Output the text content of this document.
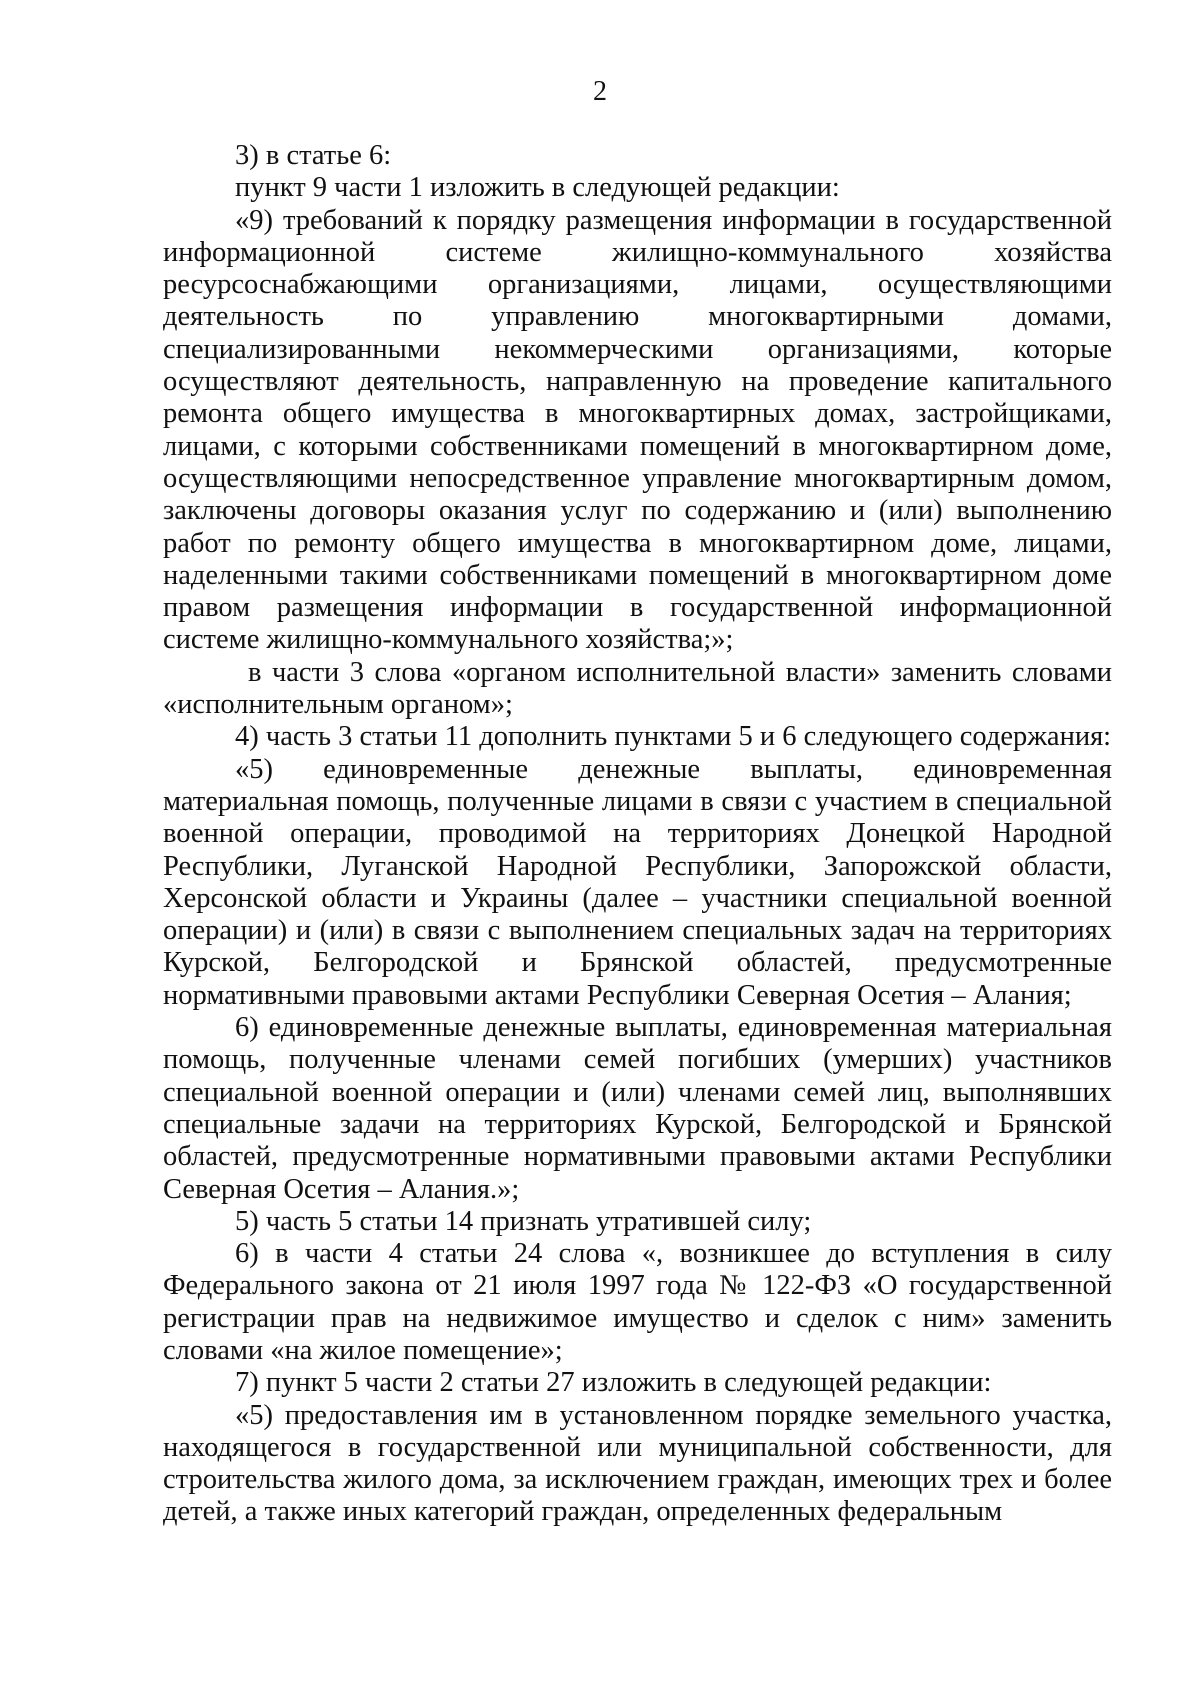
2

3) в статье 6:

пункт 9 части 1 изложить в следующей редакции:

«9) требований к порядку размещения информации в государственной информационной системе жилищно-коммунального хозяйства ресурсоснабжающими организациями, лицами, осуществляющими деятельность по управлению многоквартирными домами, специализированными некоммерческими организациями, которые осуществляют деятельность, направленную на проведение капитального ремонта общего имущества в многоквартирных домах, застройщиками, лицами, с которыми собственниками помещений в многоквартирном доме, осуществляющими непосредственное управление многоквартирным домом, заключены договоры оказания услуг по содержанию и (или) выполнению работ по ремонту общего имущества в многоквартирном доме, лицами, наделенными такими собственниками помещений в многоквартирном доме правом размещения информации в государственной информационной системе жилищно-коммунального хозяйства;»;

в части 3 слова «органом исполнительной власти» заменить словами «исполнительным органом»;

4) часть 3 статьи 11 дополнить пунктами 5 и 6 следующего содержания:

«5) единовременные денежные выплаты, единовременная материальная помощь, полученные лицами в связи с участием в специальной военной операции, проводимой на территориях Донецкой Народной Республики, Луганской Народной Республики, Запорожской области, Херсонской области и Украины (далее – участники специальной военной операции) и (или) в связи с выполнением специальных задач на территориях Курской, Белгородской и Брянской областей, предусмотренные нормативными правовыми актами Республики Северная Осетия – Алания;

6) единовременные денежные выплаты, единовременная материальная помощь, полученные членами семей погибших (умерших) участников специальной военной операции и (или) членами семей лиц, выполнявших специальные задачи на территориях Курской, Белгородской и Брянской областей, предусмотренные нормативными правовыми актами Республики Северная Осетия – Алания.»;

5) часть 5 статьи 14 признать утратившей силу;

6) в части 4 статьи 24 слова «, возникшее до вступления в силу Федерального закона от 21 июля 1997 года № 122-ФЗ «О государственной регистрации прав на недвижимое имущество и сделок с ним» заменить словами «на жилое помещение»;

7) пункт 5 части 2 статьи 27 изложить в следующей редакции:

«5) предоставления им в установленном порядке земельного участка, находящегося в государственной или муниципальной собственности, для строительства жилого дома, за исключением граждан, имеющих трех и более детей, а также иных категорий граждан, определенных федеральным
